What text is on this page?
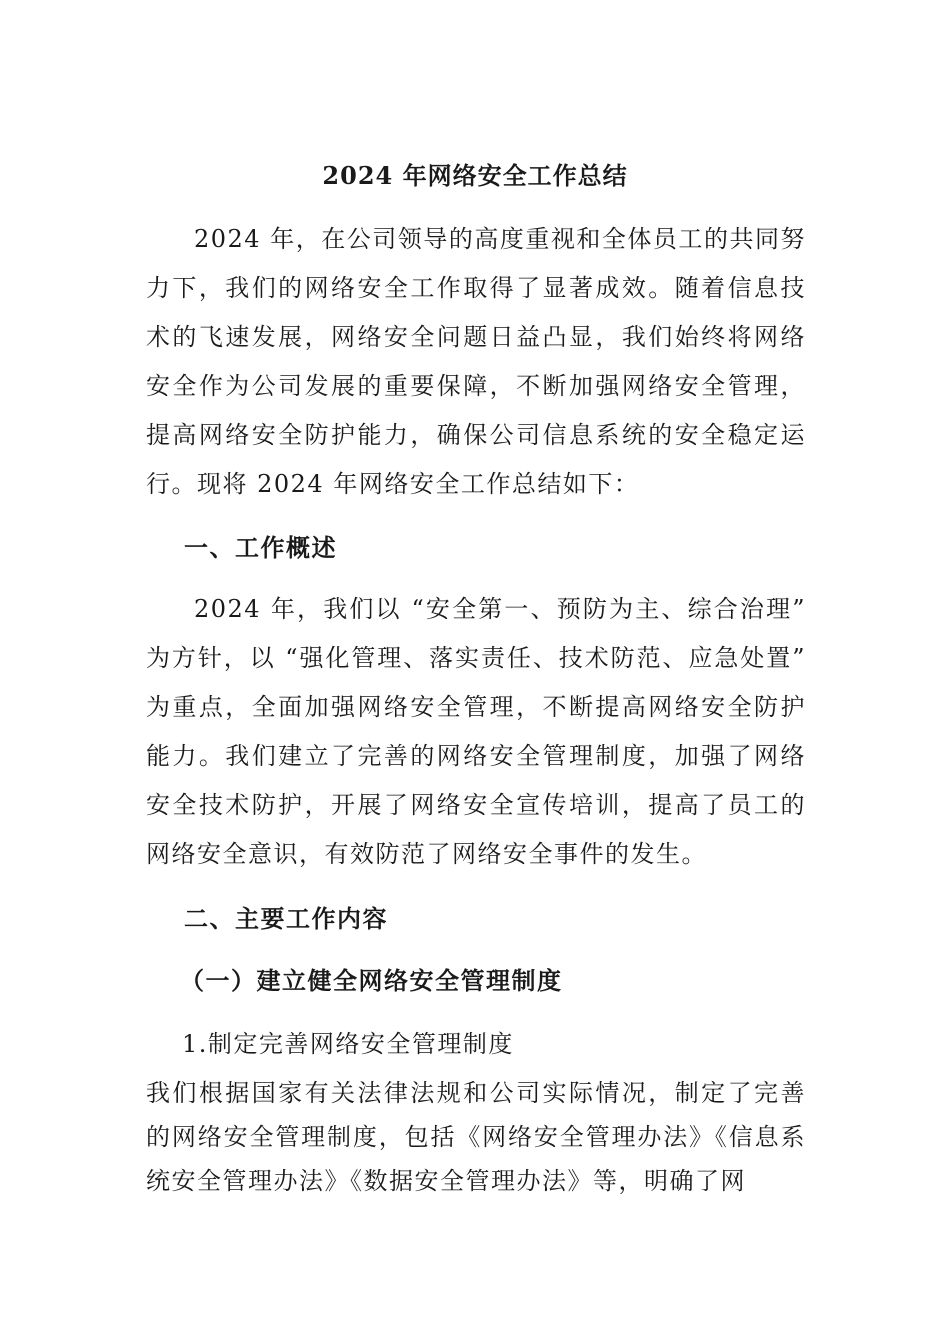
2024 年网络安全工作总结

2024 年，在公司领导的高度重视和全体员工的共同努力下，我们的网络安全工作取得了显著成效。随着信息技术的飞速发展，网络安全问题日益凸显，我们始终将网络安全作为公司发展的重要保障，不断加强网络安全管理，提高网络安全防护能力，确保公司信息系统的安全稳定运行。现将 2024 年网络安全工作总结如下：

一、工作概述

2024 年，我们以 “安全第一、预防为主、综合治理” 为方针，以 “强化管理、落实责任、技术防范、应急处置” 为重点，全面加强网络安全管理，不断提高网络安全防护能力。我们建立了完善的网络安全管理制度，加强了网络安全技术防护，开展了网络安全宣传培训，提高了员工的网络安全意识，有效防范了网络安全事件的发生。

二、主要工作内容
（一）建立健全网络安全管理制度

1.制定完善网络安全管理制度

我们根据国家有关法律法规和公司实际情况，制定了完善的网络安全管理制度，包括《网络安全管理办法》《信息系统安全管理办法》《数据安全管理办法》等，明确了网
